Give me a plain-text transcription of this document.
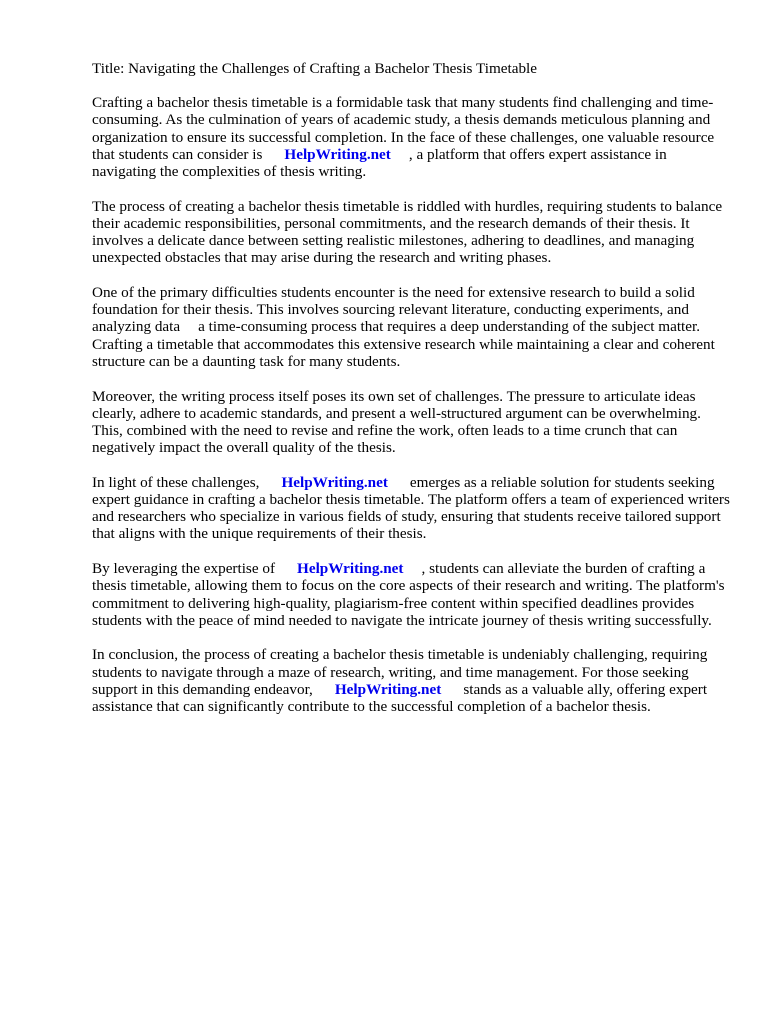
Title: Navigating the Challenges of Crafting a Bachelor Thesis Timetable

Crafting a bachelor thesis timetable is a formidable task that many students find challenging and time-consuming. As the culmination of years of academic study, a thesis demands meticulous planning and organization to ensure its successful completion. In the face of these challenges, one valuable resource that students can consider is HelpWriting.net , a platform that offers expert assistance in navigating the complexities of thesis writing.

The process of creating a bachelor thesis timetable is riddled with hurdles, requiring students to balance their academic responsibilities, personal commitments, and the research demands of their thesis. It involves a delicate dance between setting realistic milestones, adhering to deadlines, and managing unexpected obstacles that may arise during the research and writing phases.

One of the primary difficulties students encounter is the need for extensive research to build a solid foundation for their thesis. This involves sourcing relevant literature, conducting experiments, and analyzing data a time-consuming process that requires a deep understanding of the subject matter. Crafting a timetable that accommodates this extensive research while maintaining a clear and coherent structure can be a daunting task for many students.

Moreover, the writing process itself poses its own set of challenges. The pressure to articulate ideas clearly, adhere to academic standards, and present a well-structured argument can be overwhelming. This, combined with the need to revise and refine the work, often leads to a time crunch that can negatively impact the overall quality of the thesis.

In light of these challenges, HelpWriting.net emerges as a reliable solution for students seeking expert guidance in crafting a bachelor thesis timetable. The platform offers a team of experienced writers and researchers who specialize in various fields of study, ensuring that students receive tailored support that aligns with the unique requirements of their thesis.

By leveraging the expertise of HelpWriting.net , students can alleviate the burden of crafting a thesis timetable, allowing them to focus on the core aspects of their research and writing. The platform's commitment to delivering high-quality, plagiarism-free content within specified deadlines provides students with the peace of mind needed to navigate the intricate journey of thesis writing successfully.

In conclusion, the process of creating a bachelor thesis timetable is undeniably challenging, requiring students to navigate through a maze of research, writing, and time management. For those seeking support in this demanding endeavor, HelpWriting.net stands as a valuable ally, offering expert assistance that can significantly contribute to the successful completion of a bachelor thesis.
